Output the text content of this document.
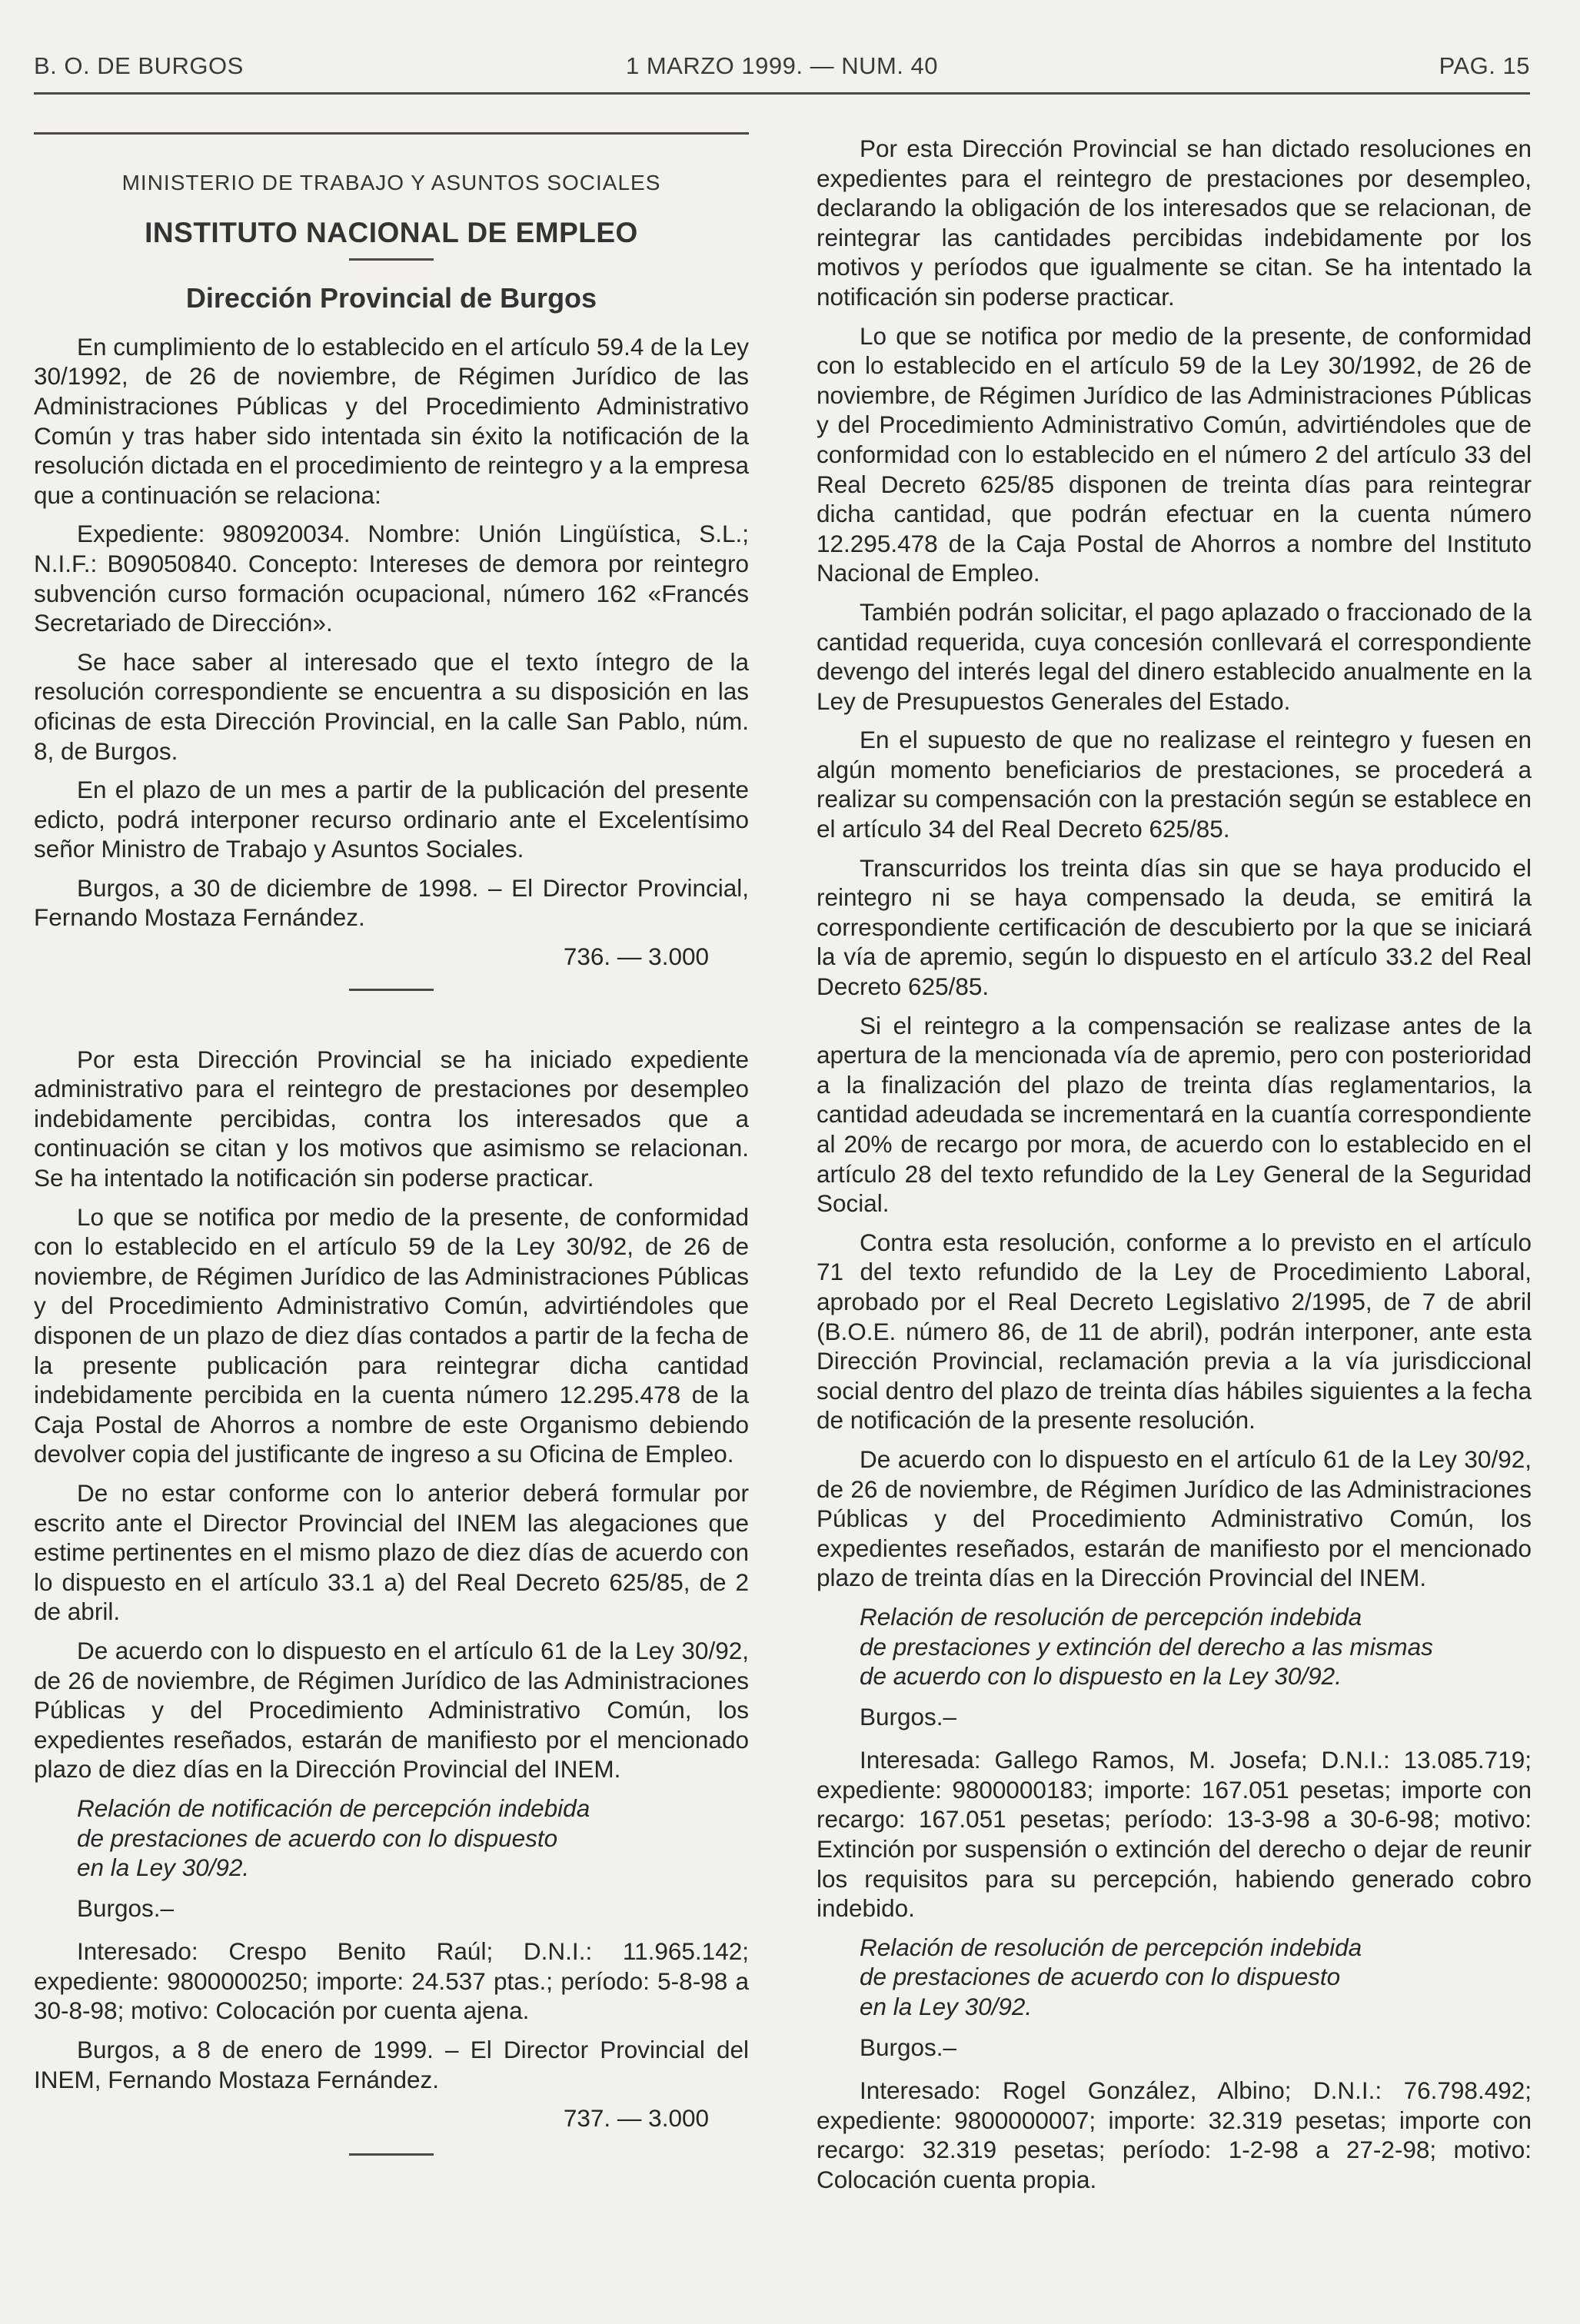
B. O. DE BURGOS	1 MARZO 1999. — NUM. 40	PAG. 15
MINISTERIO DE TRABAJO Y ASUNTOS SOCIALES
INSTITUTO NACIONAL DE EMPLEO
Dirección Provincial de Burgos

En cumplimiento de lo establecido en el artículo 59.4 de la Ley 30/1992, de 26 de noviembre, de Régimen Jurídico de las Administraciones Públicas y del Procedimiento Administrativo Común y tras haber sido intentada sin éxito la notificación de la resolución dictada en el procedimiento de reintegro y a la empresa que a continuación se relaciona:

Expediente: 980920034. Nombre: Unión Lingüística, S.L.; N.I.F.: B09050840. Concepto: Intereses de demora por reintegro subvención curso formación ocupacional, número 162 «Francés Secretariado de Dirección».

Se hace saber al interesado que el texto íntegro de la resolución correspondiente se encuentra a su disposición en las oficinas de esta Dirección Provincial, en la calle San Pablo, núm. 8, de Burgos.

En el plazo de un mes a partir de la publicación del presente edicto, podrá interponer recurso ordinario ante el Excelentísimo señor Ministro de Trabajo y Asuntos Sociales.

Burgos, a 30 de diciembre de 1998. – El Director Provincial, Fernando Mostaza Fernández.

736. — 3.000

Por esta Dirección Provincial se ha iniciado expediente administrativo para el reintegro de prestaciones por desempleo indebidamente percibidas, contra los interesados que a continuación se citan y los motivos que asimismo se relacionan. Se ha intentado la notificación sin poderse practicar.

Lo que se notifica por medio de la presente, de conformidad con lo establecido en el artículo 59 de la Ley 30/92, de 26 de noviembre, de Régimen Jurídico de las Administraciones Públicas y del Procedimiento Administrativo Común, advirtiéndoles que disponen de un plazo de diez días contados a partir de la fecha de la presente publicación para reintegrar dicha cantidad indebidamente percibida en la cuenta número 12.295.478 de la Caja Postal de Ahorros a nombre de este Organismo debiendo devolver copia del justificante de ingreso a su Oficina de Empleo.

De no estar conforme con lo anterior deberá formular por escrito ante el Director Provincial del INEM las alegaciones que estime pertinentes en el mismo plazo de diez días de acuerdo con lo dispuesto en el artículo 33.1 a) del Real Decreto 625/85, de 2 de abril.

De acuerdo con lo dispuesto en el artículo 61 de la Ley 30/92, de 26 de noviembre, de Régimen Jurídico de las Administraciones Públicas y del Procedimiento Administrativo Común, los expedientes reseñados, estarán de manifiesto por el mencionado plazo de diez días en la Dirección Provincial del INEM.

Relación de notificación de percepción indebida
de prestaciones de acuerdo con lo dispuesto
en la Ley 30/92.

Burgos.–

Interesado: Crespo Benito Raúl; D.N.I.: 11.965.142; expediente: 9800000250; importe: 24.537 ptas.; período: 5-8-98 a 30-8-98; motivo: Colocación por cuenta ajena.

Burgos, a 8 de enero de 1999. – El Director Provincial del INEM, Fernando Mostaza Fernández.

737. — 3.000

Por esta Dirección Provincial se han dictado resoluciones en expedientes para el reintegro de prestaciones por desempleo, declarando la obligación de los interesados que se relacionan, de reintegrar las cantidades percibidas indebidamente por los motivos y períodos que igualmente se citan. Se ha intentado la notificación sin poderse practicar.

Lo que se notifica por medio de la presente, de conformidad con lo establecido en el artículo 59 de la Ley 30/1992, de 26 de noviembre, de Régimen Jurídico de las Administraciones Públicas y del Procedimiento Administrativo Común, advirtiéndoles que de conformidad con lo establecido en el número 2 del artículo 33 del Real Decreto 625/85 disponen de treinta días para reintegrar dicha cantidad, que podrán efectuar en la cuenta número 12.295.478 de la Caja Postal de Ahorros a nombre del Instituto Nacional de Empleo.

También podrán solicitar, el pago aplazado o fraccionado de la cantidad requerida, cuya concesión conllevará el correspondiente devengo del interés legal del dinero establecido anualmente en la Ley de Presupuestos Generales del Estado.

En el supuesto de que no realizase el reintegro y fuesen en algún momento beneficiarios de prestaciones, se procederá a realizar su compensación con la prestación según se establece en el artículo 34 del Real Decreto 625/85.

Transcurridos los treinta días sin que se haya producido el reintegro ni se haya compensado la deuda, se emitirá la correspondiente certificación de descubierto por la que se iniciará la vía de apremio, según lo dispuesto en el artículo 33.2 del Real Decreto 625/85.

Si el reintegro a la compensación se realizase antes de la apertura de la mencionada vía de apremio, pero con posterioridad a la finalización del plazo de treinta días reglamentarios, la cantidad adeudada se incrementará en la cuantía correspondiente al 20% de recargo por mora, de acuerdo con lo establecido en el artículo 28 del texto refundido de la Ley General de la Seguridad Social.

Contra esta resolución, conforme a lo previsto en el artículo 71 del texto refundido de la Ley de Procedimiento Laboral, aprobado por el Real Decreto Legislativo 2/1995, de 7 de abril (B.O.E. número 86, de 11 de abril), podrán interponer, ante esta Dirección Provincial, reclamación previa a la vía jurisdiccional social dentro del plazo de treinta días hábiles siguientes a la fecha de notificación de la presente resolución.

De acuerdo con lo dispuesto en el artículo 61 de la Ley 30/92, de 26 de noviembre, de Régimen Jurídico de las Administraciones Públicas y del Procedimiento Administrativo Común, los expedientes reseñados, estarán de manifiesto por el mencionado plazo de treinta días en la Dirección Provincial del INEM.

Relación de resolución de percepción indebida
de prestaciones y extinción del derecho a las mismas
de acuerdo con lo dispuesto en la Ley 30/92.

Burgos.–

Interesada: Gallego Ramos, M. Josefa; D.N.I.: 13.085.719; expediente: 9800000183; importe: 167.051 pesetas; importe con recargo: 167.051 pesetas; período: 13-3-98 a 30-6-98; motivo: Extinción por suspensión o extinción del derecho o dejar de reunir los requisitos para su percepción, habiendo generado cobro indebido.

Relación de resolución de percepción indebida
de prestaciones de acuerdo con lo dispuesto
en la Ley 30/92.

Burgos.–

Interesado: Rogel González, Albino; D.N.I.: 76.798.492; expediente: 9800000007; importe: 32.319 pesetas; importe con recargo: 32.319 pesetas; período: 1-2-98 a 27-2-98; motivo: Colocación cuenta propia.
